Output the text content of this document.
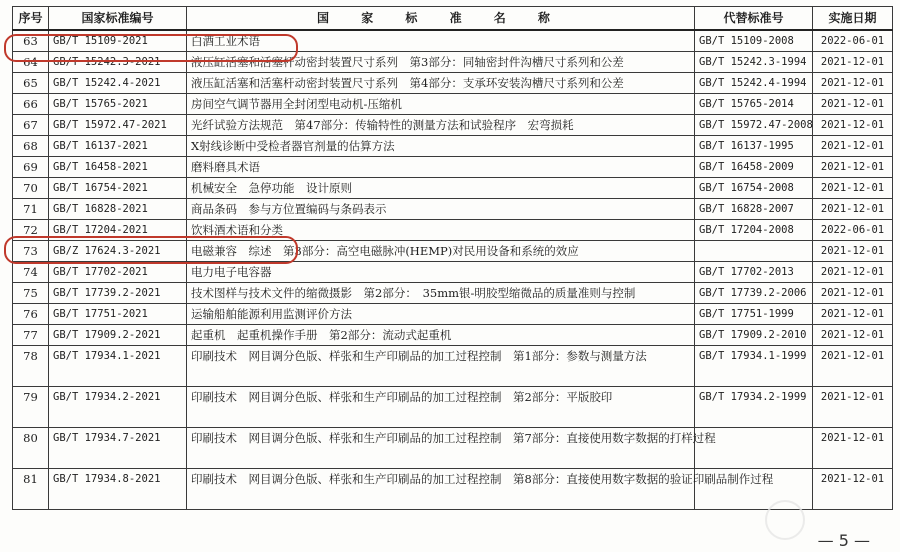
序号	国家标准编号	国 家 标 准 名 称	代替标准号	实施日期
63	GB/T 15109-2021	白酒工业术语	GB/T 15109-2008	2022-06-01
64	GB/T 15242.3-2021	液压缸活塞和活塞杆动密封装置尺寸系列　第3部分：同轴密封件沟槽尺寸系列和公差	GB/T 15242.3-1994	2021-12-01
65	GB/T 15242.4-2021	液压缸活塞和活塞杆动密封装置尺寸系列　第4部分：支承环安装沟槽尺寸系列和公差	GB/T 15242.4-1994	2021-12-01
66	GB/T 15765-2021	房间空气调节器用全封闭型电动机-压缩机	GB/T 15765-2014	2021-12-01
67	GB/T 15972.47-2021	光纤试验方法规范　第47部分：传输特性的测量方法和试验程序　宏弯损耗	GB/T 15972.47-2008	2021-12-01
68	GB/T 16137-2021	X射线诊断中受检者器官剂量的估算方法	GB/T 16137-1995	2021-12-01
69	GB/T 16458-2021	磨料磨具术语	GB/T 16458-2009	2021-12-01
70	GB/T 16754-2021	机械安全　急停功能　设计原则	GB/T 16754-2008	2021-12-01
71	GB/T 16828-2021	商品条码　参与方位置编码与条码表示	GB/T 16828-2007	2021-12-01
72	GB/T 17204-2021	饮料酒术语和分类	GB/T 17204-2008	2022-06-01
73	GB/Z 17624.3-2021	电磁兼容　综述　第3部分：高空电磁脉冲(HEMP)对民用设备和系统的效应		2021-12-01
74	GB/T 17702-2021	电力电子电容器	GB/T 17702-2013	2021-12-01
75	GB/T 17739.2-2021	技术图样与技术文件的缩微摄影　第2部分：　35mm银-明胶型缩微品的质量准则与控制	GB/T 17739.2-2006	2021-12-01
76	GB/T 17751-2021	运输船舶能源利用监测评价方法	GB/T 17751-1999	2021-12-01
77	GB/T 17909.2-2021	起重机　起重机操作手册　第2部分：流动式起重机	GB/T 17909.2-2010	2021-12-01
78	GB/T 17934.1-2021	印刷技术　网目调分色版、样张和生产印刷品的加工过程控制　第1部分：参数与测量方法	GB/T 17934.1-1999	2021-12-01
79	GB/T 17934.2-2021	印刷技术　网目调分色版、样张和生产印刷品的加工过程控制　第2部分：平版胶印	GB/T 17934.2-1999	2021-12-01
80	GB/T 17934.7-2021	印刷技术　网目调分色版、样张和生产印刷品的加工过程控制　第7部分：直接使用数字数据的打样过程		2021-12-01
81	GB/T 17934.8-2021	印刷技术　网目调分色版、样张和生产印刷品的加工过程控制　第8部分：直接使用数字数据的验证印刷品制作过程		2021-12-01
— 5 —
